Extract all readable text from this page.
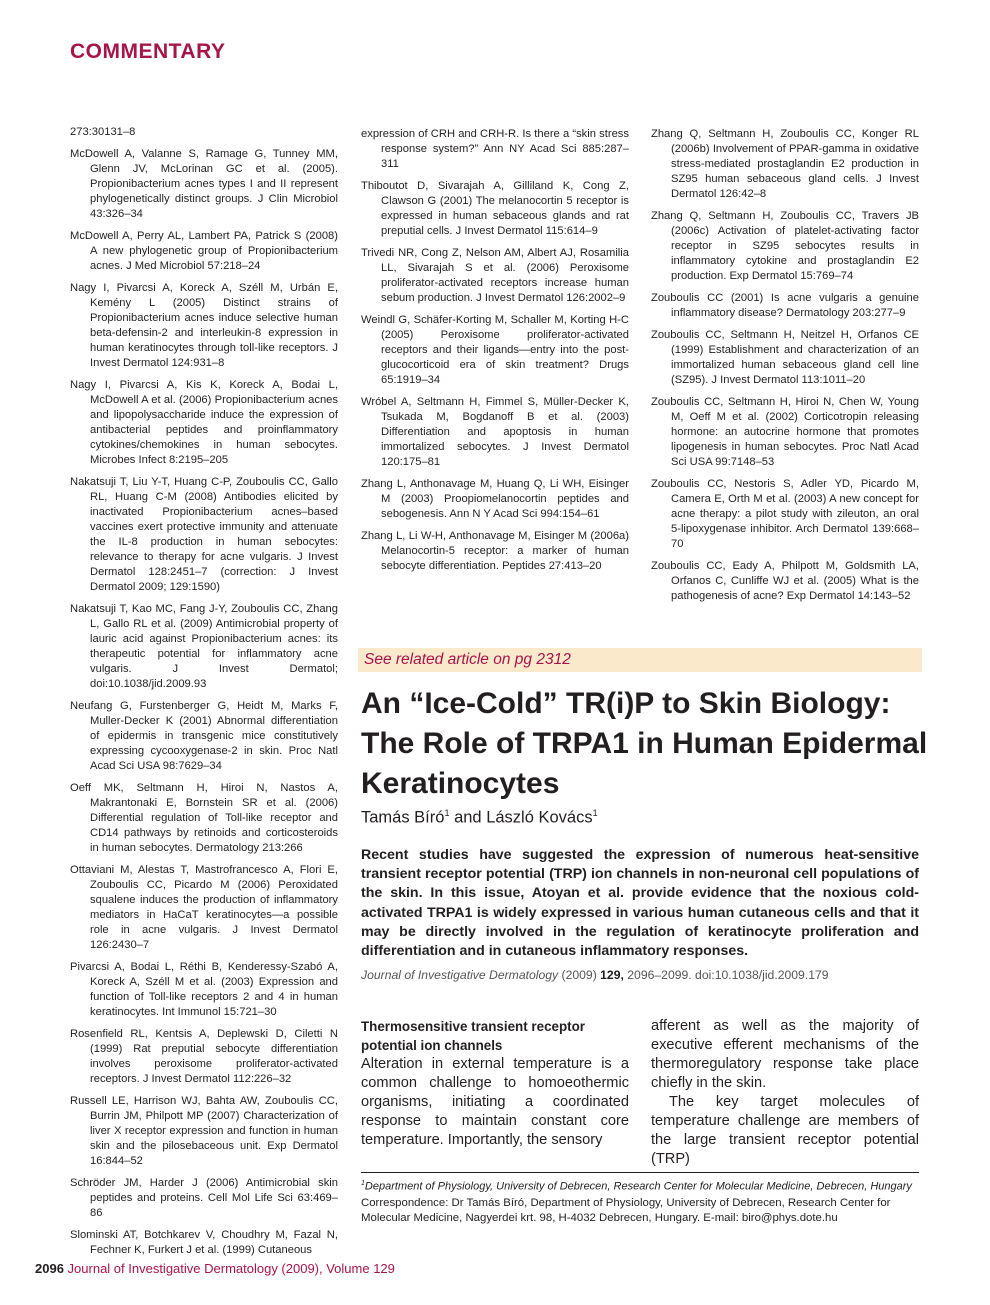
COMMENTARY

273:30131–8

McDowell A, Valanne S, Ramage G, Tunney MM, Glenn JV, McLorinan GC et al. (2005). Propionibacterium acnes types I and II represent phylogenetically distinct groups. J Clin Microbiol 43:326–34

McDowell A, Perry AL, Lambert PA, Patrick S (2008) A new phylogenetic group of Propionibacterium acnes. J Med Microbiol 57:218–24

Nagy I, Pivarcsi A, Koreck A, Széll M, Urbán E, Kemény L (2005) Distinct strains of Propionibacterium acnes induce selective human beta-defensin-2 and interleukin-8 expression in human keratinocytes through toll-like receptors. J Invest Dermatol 124:931–8

Nagy I, Pivarcsi A, Kis K, Koreck A, Bodai L, McDowell A et al. (2006) Propionibacterium acnes and lipopolysaccharide induce the expression of antibacterial peptides and proinflammatory cytokines/chemokines in human sebocytes. Microbes Infect 8:2195–205

Nakatsuji T, Liu Y-T, Huang C-P, Zouboulis CC, Gallo RL, Huang C-M (2008) Antibodies elicited by inactivated Propionibacterium acnes–based vaccines exert protective immunity and attenuate the IL-8 production in human sebocytes: relevance to therapy for acne vulgaris. J Invest Dermatol 128:2451–7 (correction: J Invest Dermatol 2009; 129:1590)

Nakatsuji T, Kao MC, Fang J-Y, Zouboulis CC, Zhang L, Gallo RL et al. (2009) Antimicrobial property of lauric acid against Propionibacterium acnes: its therapeutic potential for inflammatory acne vulgaris. J Invest Dermatol; doi:10.1038/jid.2009.93

Neufang G, Furstenberger G, Heidt M, Marks F, Muller-Decker K (2001) Abnormal differentiation of epidermis in transgenic mice constitutively expressing cycooxygenase-2 in skin. Proc Natl Acad Sci USA 98:7629–34

Oeff MK, Seltmann H, Hiroi N, Nastos A, Makrantonaki E, Bornstein SR et al. (2006) Differential regulation of Toll-like receptor and CD14 pathways by retinoids and corticosteroids in human sebocytes. Dermatology 213:266

Ottaviani M, Alestas T, Mastrofrancesco A, Flori E, Zouboulis CC, Picardo M (2006) Peroxidated squalene induces the production of inflammatory mediators in HaCaT keratinocytes—a possible role in acne vulgaris. J Invest Dermatol 126:2430–7

Pivarcsi A, Bodai L, Réthi B, Kenderessy-Szabó A, Koreck A, Széll M et al. (2003) Expression and function of Toll-like receptors 2 and 4 in human keratinocytes. Int Immunol 15:721–30

Rosenfield RL, Kentsis A, Deplewski D, Ciletti N (1999) Rat preputial sebocyte differentiation involves peroxisome proliferator-activated receptors. J Invest Dermatol 112:226–32

Russell LE, Harrison WJ, Bahta AW, Zouboulis CC, Burrin JM, Philpott MP (2007) Characterization of liver X receptor expression and function in human skin and the pilosebaceous unit. Exp Dermatol 16:844–52

Schröder JM, Harder J (2006) Antimicrobial skin peptides and proteins. Cell Mol Life Sci 63:469–86

Slominski AT, Botchkarev V, Choudhry M, Fazal N, Fechner K, Furkert J et al. (1999) Cutaneous

expression of CRH and CRH-R. Is there a “skin stress response system?” Ann NY Acad Sci 885:287–311

Thiboutot D, Sivarajah A, Gilliland K, Cong Z, Clawson G (2001) The melanocortin 5 receptor is expressed in human sebaceous glands and rat preputial cells. J Invest Dermatol 115:614–9

Trivedi NR, Cong Z, Nelson AM, Albert AJ, Rosamilia LL, Sivarajah S et al. (2006) Peroxisome proliferator-activated receptors increase human sebum production. J Invest Dermatol 126:2002–9

Weindl G, Schäfer-Korting M, Schaller M, Korting H-C (2005) Peroxisome proliferator-activated receptors and their ligands—entry into the post-glucocorticoid era of skin treatment? Drugs 65:1919–34

Wróbel A, Seltmann H, Fimmel S, Müller-Decker K, Tsukada M, Bogdanoff B et al. (2003) Differentiation and apoptosis in human immortalized sebocytes. J Invest Dermatol 120:175–81

Zhang L, Anthonavage M, Huang Q, Li WH, Eisinger M (2003) Proopiomelanocortin peptides and sebogenesis. Ann N Y Acad Sci 994:154–61

Zhang L, Li W-H, Anthonavage M, Eisinger M (2006a) Melanocortin-5 receptor: a marker of human sebocyte differentiation. Peptides 27:413–20

Zhang Q, Seltmann H, Zouboulis CC, Konger RL (2006b) Involvement of PPAR-gamma in oxidative stress-mediated prostaglandin E2 production in SZ95 human sebaceous gland cells. J Invest Dermatol 126:42–8

Zhang Q, Seltmann H, Zouboulis CC, Travers JB (2006c) Activation of platelet-activating factor receptor in SZ95 sebocytes results in inflammatory cytokine and prostaglandin E2 production. Exp Dermatol 15:769–74

Zouboulis CC (2001) Is acne vulgaris a genuine inflammatory disease? Dermatology 203:277–9

Zouboulis CC, Seltmann H, Neitzel H, Orfanos CE (1999) Establishment and characterization of an immortalized human sebaceous gland cell line (SZ95). J Invest Dermatol 113:1011–20

Zouboulis CC, Seltmann H, Hiroi N, Chen W, Young M, Oeff M et al. (2002) Corticotropin releasing hormone: an autocrine hormone that promotes lipogenesis in human sebocytes. Proc Natl Acad Sci USA 99:7148–53

Zouboulis CC, Nestoris S, Adler YD, Picardo M, Camera E, Orth M et al. (2003) A new concept for acne therapy: a pilot study with zileuton, an oral 5-lipoxygenase inhibitor. Arch Dermatol 139:668–70

Zouboulis CC, Eady A, Philpott M, Goldsmith LA, Orfanos C, Cunliffe WJ et al. (2005) What is the pathogenesis of acne? Exp Dermatol 14:143–52

See related article on pg 2312
An “Ice-Cold” TR(i)P to Skin Biology: The Role of TRPA1 in Human Epidermal Keratinocytes
Tamás Bíró$^1$ and László Kovács$^1$
Recent studies have suggested the expression of numerous heat-sensitive transient receptor potential (TRP) ion channels in non-neuronal cell populations of the skin. In this issue, Atoyan et al. provide evidence that the noxious cold-activated TRPA1 is widely expressed in various human cutaneous cells and that it may be directly involved in the regulation of keratinocyte proliferation and differentiation and in cutaneous inflammatory responses.
Journal of Investigative Dermatology (2009) 129, 2096–2099. doi:10.1038/jid.2009.179
Thermosensitive transient receptor potential ion channels
Alteration in external temperature is a common challenge to homoeothermic organisms, initiating a coordinated response to maintain constant core temperature. Importantly, the sensory
afferent as well as the majority of executive efferent mechanisms of the thermoregulatory response take place chiefly in the skin.
The key target molecules of temperature challenge are members of the large transient receptor potential (TRP)
$^1$Department of Physiology, University of Debrecen, Research Center for Molecular Medicine, Debrecen, Hungary
Correspondence: Dr Tamás Bíró, Department of Physiology, University of Debrecen, Research Center for Molecular Medicine, Nagyerdei krt. 98, H-4032 Debrecen, Hungary. E-mail: biro@phys.dote.hu
2096 Journal of Investigative Dermatology (2009), Volume 129
